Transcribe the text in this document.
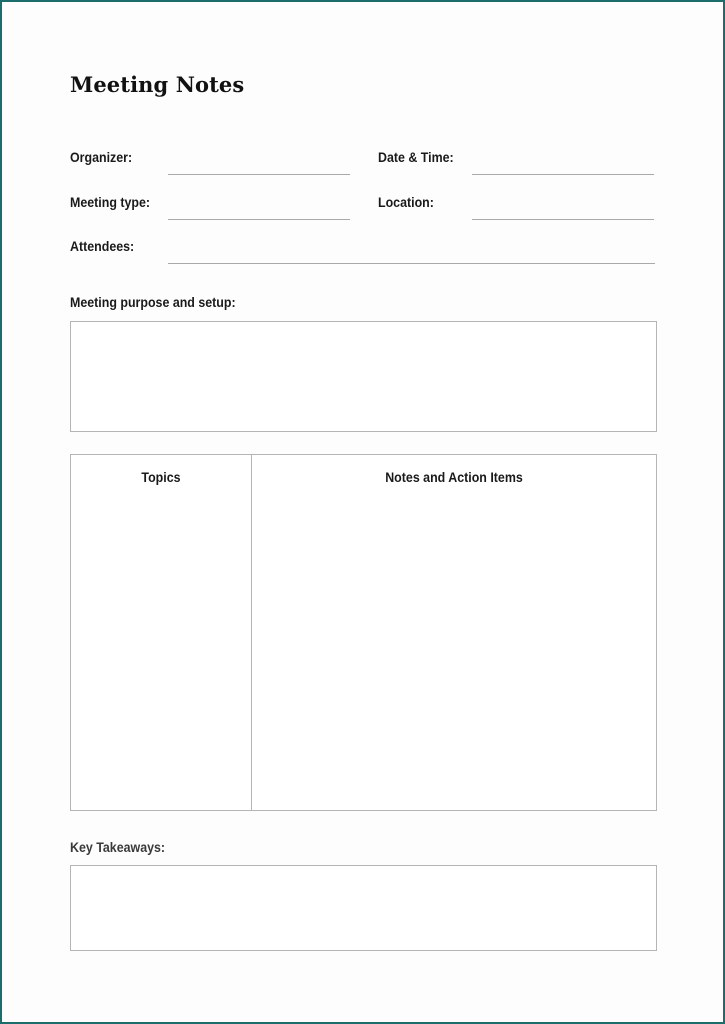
Meeting Notes
Organizer:	Date & Time:
Meeting type:	Location:
Attendees:
Meeting purpose and setup:
Topics	Notes and Action Items
Key Takeaways:
